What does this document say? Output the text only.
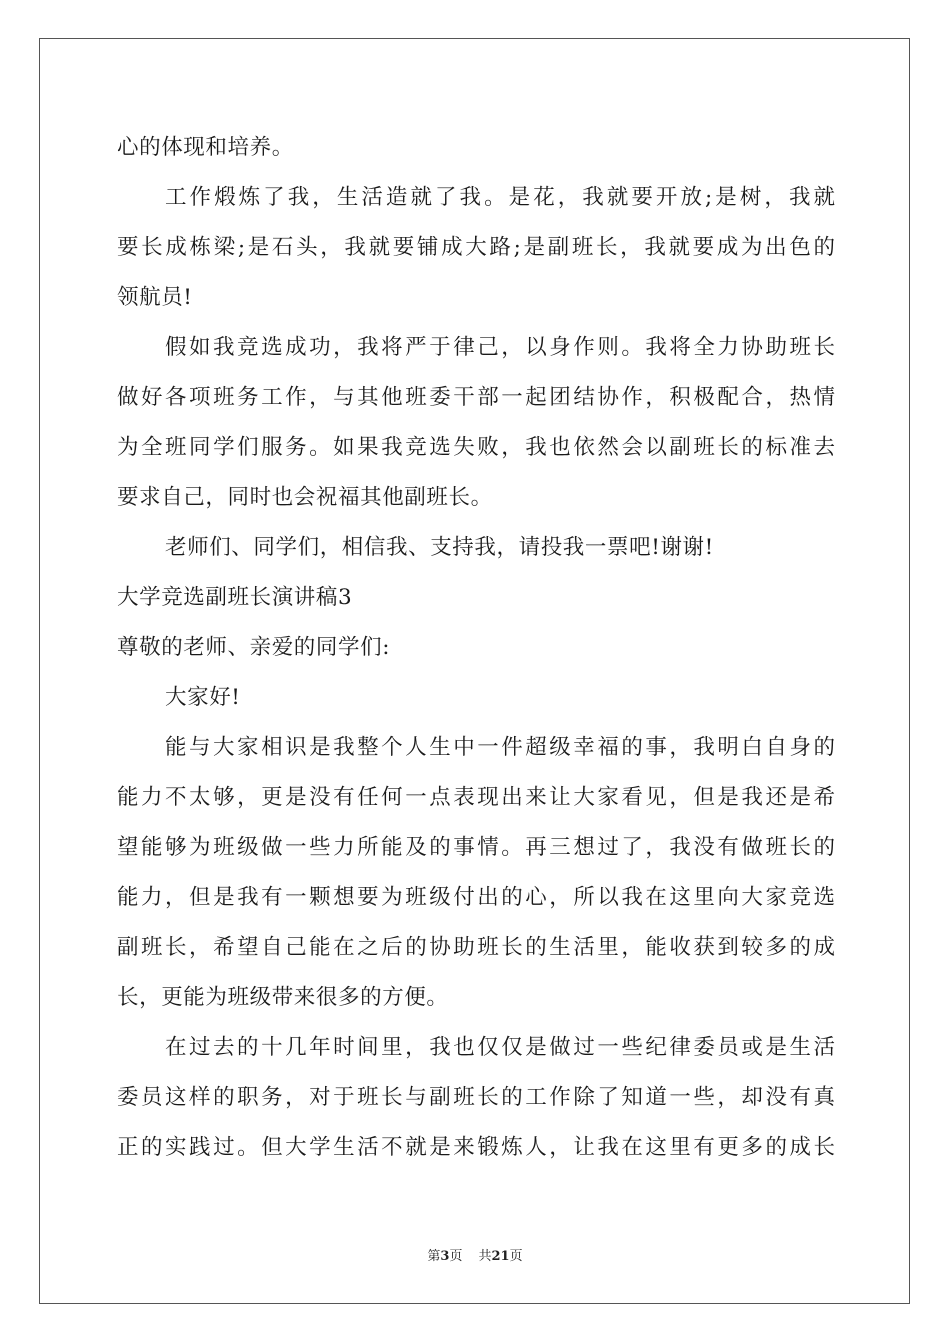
心的体现和培养。
工作煅炼了我，生活造就了我。是花，我就要开放;是树，我就
要长成栋梁;是石头，我就要铺成大路;是副班长，我就要成为出色的
领航员!
假如我竞选成功，我将严于律己，以身作则。我将全力协助班长
做好各项班务工作，与其他班委干部一起团结协作，积极配合，热情
为全班同学们服务。如果我竞选失败，我也依然会以副班长的标准去
要求自己，同时也会祝福其他副班长。
老师们、同学们，相信我、支持我，请投我一票吧!谢谢!
大学竞选副班长演讲稿3
尊敬的老师、亲爱的同学们:
大家好!
能与大家相识是我整个人生中一件超级幸福的事，我明白自身的
能力不太够，更是没有任何一点表现出来让大家看见，但是我还是希
望能够为班级做一些力所能及的事情。再三想过了，我没有做班长的
能力，但是我有一颗想要为班级付出的心，所以我在这里向大家竞选
副班长，希望自己能在之后的协助班长的生活里，能收获到较多的成
长，更能为班级带来很多的方便。
在过去的十几年时间里，我也仅仅是做过一些纪律委员或是生活
委员这样的职务，对于班长与副班长的工作除了知道一些，却没有真
正的实践过。但大学生活不就是来锻炼人，让我在这里有更多的成长
第3页 共21页
